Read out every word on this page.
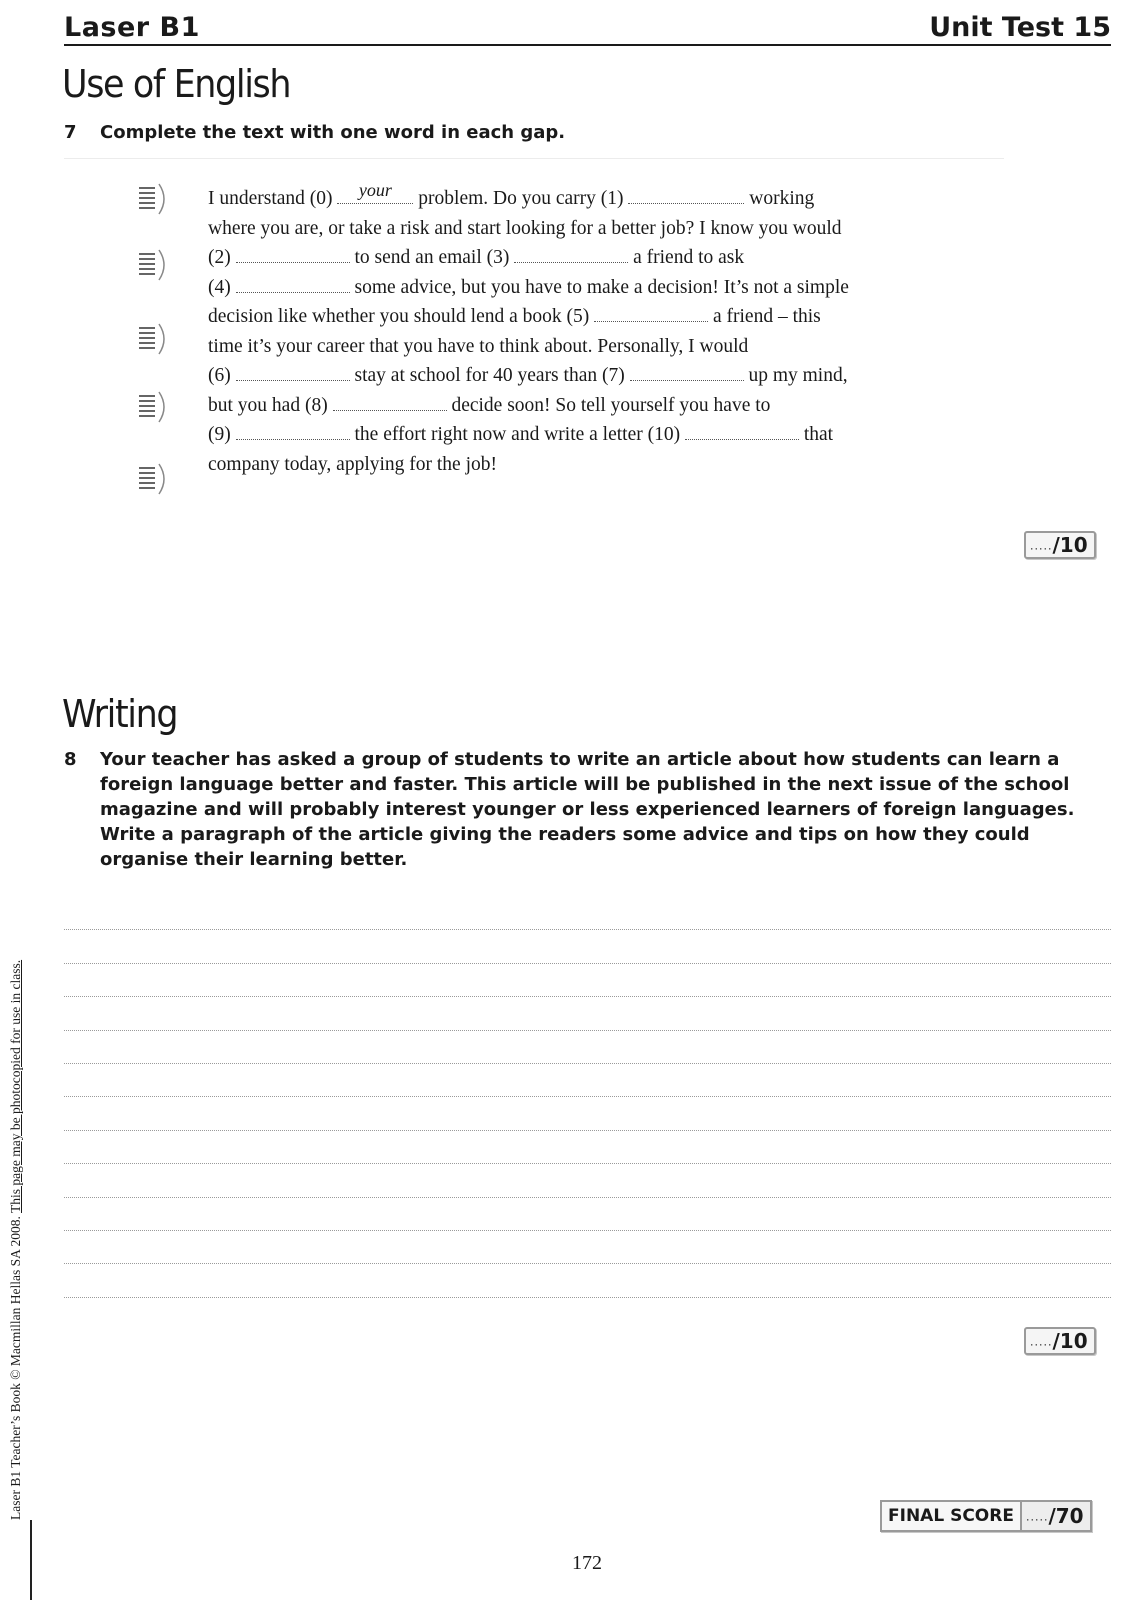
Laser B1	Unit Test 15
Use of English
7 Complete the text with one word in each gap.
I understand (0)	your	problem. Do you carry (1)	working
where you are, or take a risk and start looking for a better job? I know you would
(2)	to send an email (3)	a friend to ask
(4)	some advice, but you have to make a decision! It’s not a simple
decision like whether you should lend a book (5)	a friend – this
time it’s your career that you have to think about. Personally, I would
(6)	stay at school for 40 years than (7)	up my mind,
but you had (8)	decide soon! So tell yourself you have to
(9)	the effort right now and write a letter (10)	that
company today, applying for the job!
...../10
Writing
8 Your teacher has asked a group of students to write an article about how students can learn a foreign language better and faster. This article will be published in the next issue of the school magazine and will probably interest younger or less experienced learners of foreign languages. Write a paragraph of the article giving the readers some advice and tips on how they could organise their learning better.
...../10
FINAL SCORE	...../70
172
Laser B1 Teacher’s Book © Macmillan Hellas SA 2008. This page may be photocopied for use in class.
